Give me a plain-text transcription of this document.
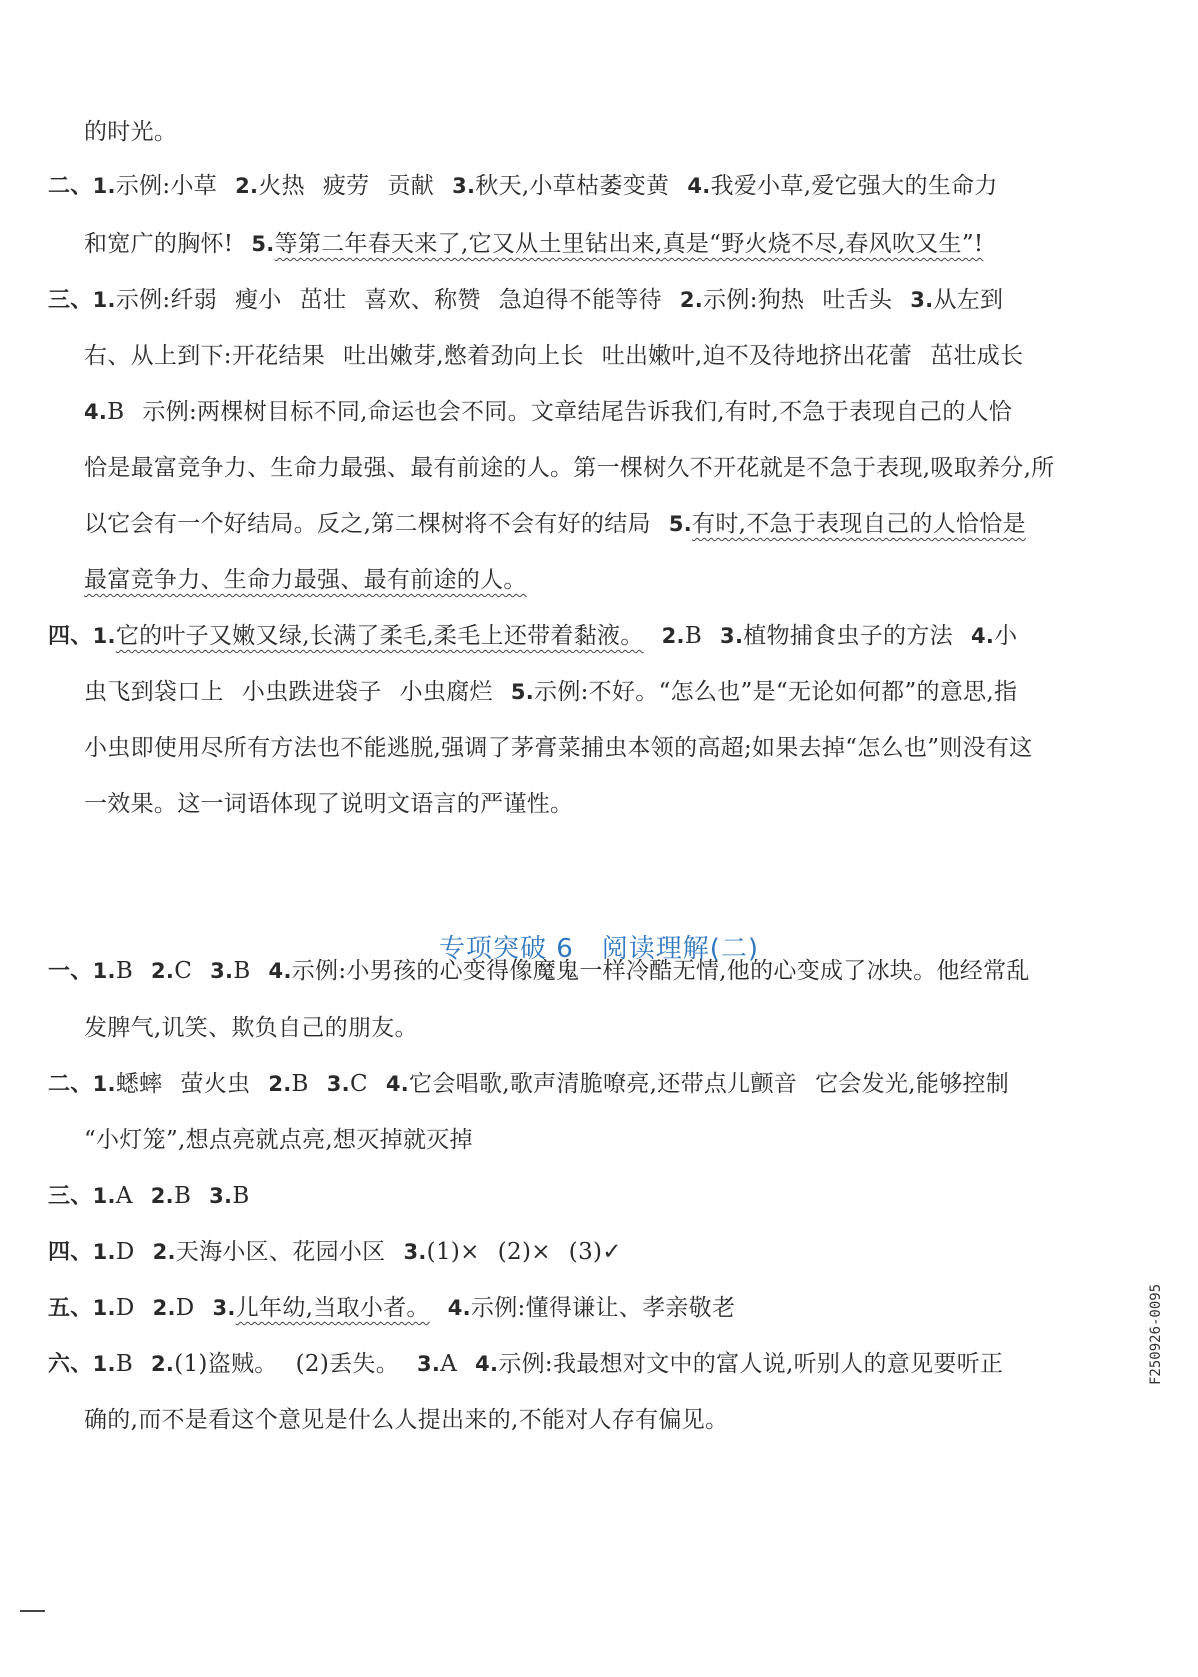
的时光。
二、1.示例:小草 2.火热 疲劳 贡献 3.秋天,小草枯萎变黄 4.我爱小草,爱它强大的生命力
和宽广的胸怀! 5.等第二年春天来了,它又从土里钻出来,真是“野火烧不尽,春风吹又生”!
三、1.示例:纤弱 瘦小 茁壮 喜欢、称赞 急迫得不能等待 2.示例:狗热 吐舌头 3.从左到
右、从上到下:开花结果 吐出嫩芽,憋着劲向上长 吐出嫩叶,迫不及待地挤出花蕾 茁壮成长
4.B 示例:两棵树目标不同,命运也会不同。文章结尾告诉我们,有时,不急于表现自己的人恰
恰是最富竞争力、生命力最强、最有前途的人。第一棵树久不开花就是不急于表现,吸取养分,所
以它会有一个好结局。反之,第二棵树将不会有好的结局 5.有时,不急于表现自己的人恰恰是
最富竞争力、生命力最强、最有前途的人。
四、1.它的叶子又嫩又绿,长满了柔毛,柔毛上还带着黏液。 2.B 3.植物捕食虫子的方法 4.小
虫飞到袋口上 小虫跌进袋子 小虫腐烂 5.示例:不好。“怎么也”是“无论如何都”的意思,指
小虫即使用尽所有方法也不能逃脱,强调了茅膏菜捕虫本领的高超;如果去掉“怎么也”则没有这
一效果。这一词语体现了说明文语言的严谨性。
专项突破 6 阅读理解(二)
一、1.B 2.C 3.B 4.示例:小男孩的心变得像魔鬼一样冷酷无情,他的心变成了冰块。他经常乱
发脾气,讥笑、欺负自己的朋友。
二、1.蟋蟀 萤火虫 2.B 3.C 4.它会唱歌,歌声清脆嘹亮,还带点儿颤音 它会发光,能够控制
“小灯笼”,想点亮就点亮,想灭掉就灭掉
三、1.A 2.B 3.B
四、1.D 2.天海小区、花园小区 3.(1)× (2)× (3)✓
五、1.D 2.D 3.儿年幼,当取小者。 4.示例:懂得谦让、孝亲敬老
六、1.B 2.(1)盗贼。 (2)丢失。 3.A 4.示例:我最想对文中的富人说,听别人的意见要听正
确的,而不是看这个意见是什么人提出来的,不能对人存有偏见。
F250926-0095
